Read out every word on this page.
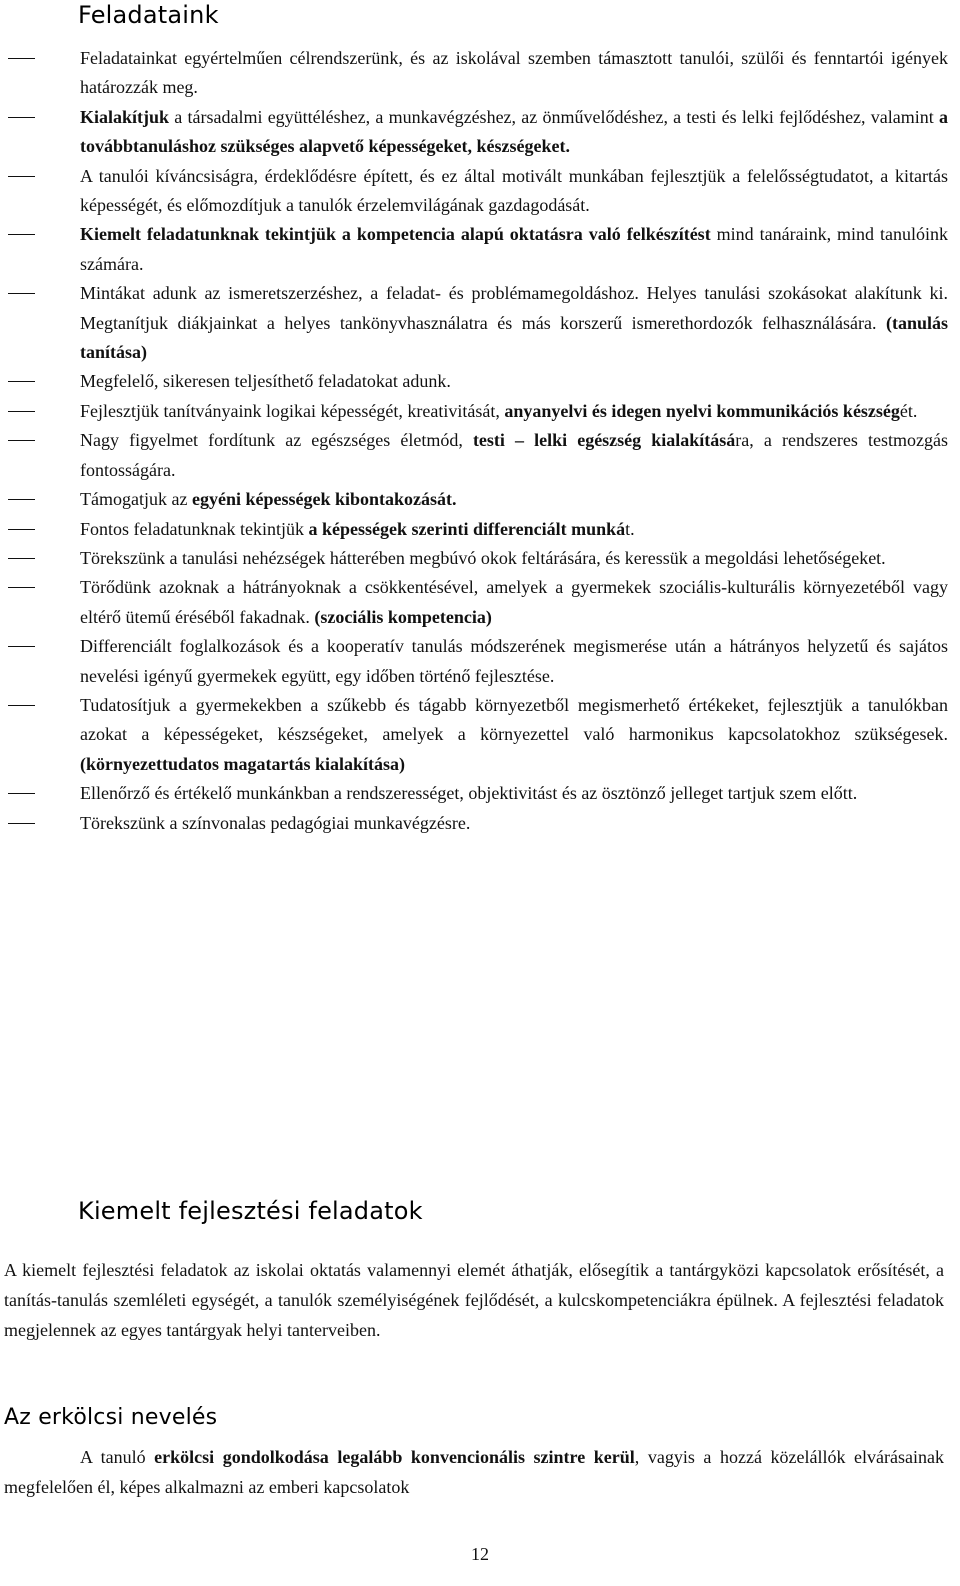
Feladataink
Feladatainkat egyértelműen célrendszerünk, és az iskolával szemben támasztott tanulói, szülői és fenntartói igények határozzák meg.
Kialakítjuk a társadalmi együttéléshez, a munkavégzéshez, az önművelődéshez, a testi és lelki fejlődéshez, valamint a továbbtanuláshoz szükséges alapvető képességeket, készségeket.
A tanulói kíváncsiságra, érdeklődésre épített, és ez által motivált munkában fejlesztjük a felelősségtudatot, a kitartás képességét, és előmozdítjuk a tanulók érzelemvilágának gazdagodását.
Kiemelt feladatunknak tekintjük a kompetencia alapú oktatásra való felkészítést mind tanáraink, mind tanulóink számára.
Mintákat adunk az ismeretszerzéshez, a feladat- és problémamegoldáshoz. Helyes tanulási szokásokat alakítunk ki. Megtanítjuk diákjainkat a helyes tankönyvhasználatra és más korszerű ismerethordozók felhasználására. (tanulás tanítása)
Megfelelő, sikeresen teljesíthető feladatokat adunk.
Fejlesztjük tanítványaink logikai képességét, kreativitását, anyanyelvi és idegen nyelvi kommunikációs készségét.
Nagy figyelmet fordítunk az egészséges életmód, testi – lelki egészség kialakítására, a rendszeres testmozgás fontosságára.
Támogatjuk az egyéni képességek kibontakozását.
Fontos feladatunknak tekintjük a képességek szerinti differenciált munkát.
Törekszünk a tanulási nehézségek hátterében megbúvó okok feltárására, és keressük a megoldási lehetőségeket.
Törődünk azoknak a hátrányoknak a csökkentésével, amelyek a gyermekek szociális-kulturális környezetéből vagy eltérő ütemű éréséből fakadnak. (szociális kompetencia)
Differenciált foglalkozások és a kooperatív tanulás módszerének megismerése után a hátrányos helyzetű és sajátos nevelési igényű gyermekek együtt, egy időben történő fejlesztése.
Tudatosítjuk a gyermekekben a szűkebb és tágabb környezetből megismerhető értékeket, fejlesztjük a tanulókban azokat a képességeket, készségeket, amelyek a környezettel való harmonikus kapcsolatokhoz szükségesek. (környezettudatos magatartás kialakítása)
Ellenőrző és értékelő munkánkban a rendszerességet, objektivitást és az ösztönző jelleget tartjuk szem előtt.
Törekszünk a színvonalas pedagógiai munkavégzésre.
Kiemelt fejlesztési feladatok

A kiemelt fejlesztési feladatok az iskolai oktatás valamennyi elemét áthatják, elősegítik a tantárgyközi kapcsolatok erősítését, a tanítás-tanulás szemléleti egységét, a tanulók személyiségének fejlődését, a kulcskompetenciákra épülnek. A fejlesztési feladatok megjelennek az egyes tantárgyak helyi tanterveiben.

Az erkölcsi nevelés

A tanuló erkölcsi gondolkodása legalább konvencionális szintre kerül, vagyis a hozzá közelállók elvárásainak megfelelően él, képes alkalmazni az emberi kapcsolatok

12
